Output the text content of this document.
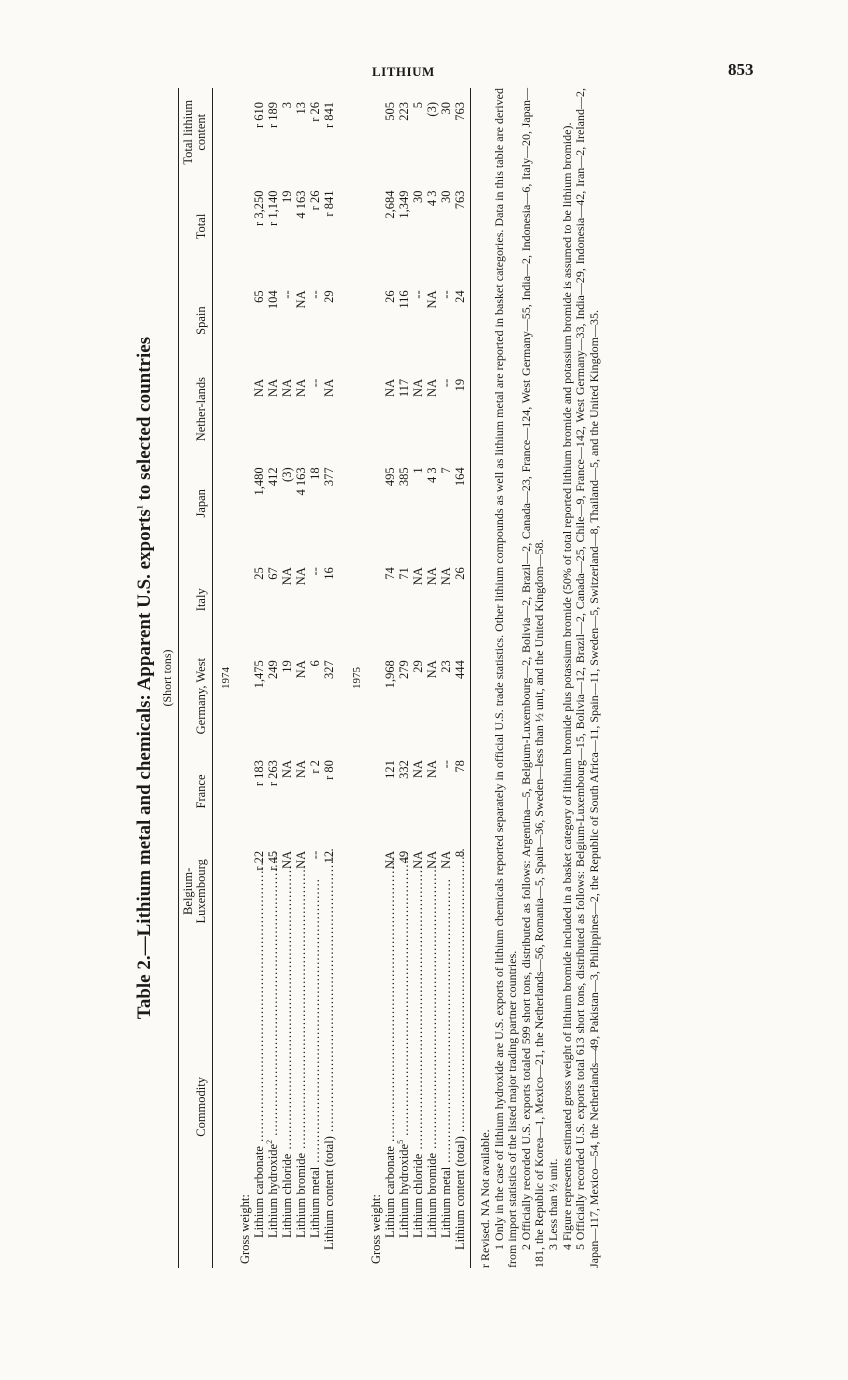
LITHIUM	853
Table 2.—Lithium metal and chemicals: Apparent U.S. exports$^1$ to selected countries
(Short tons)
Commodity	Belgium-Luxembourg	France	Germany, West	Italy	Japan	Nether-lands	Spain	Total	Total lithium content
1974									
Gross weight:									
Lithium carbonate .....	r 22	r 183	1,475	25	1,480	NA	65	r 3,250	r 610
Lithium hydroxide$^2$ .....	r 45	r 263	249	67	412	NA	104	r 1,140	r 189
Lithium chloride .....	NA	NA	19	NA	(3)	NA	--	19	3
Lithium bromide .....	NA	NA	NA	NA	4 163	NA	NA	4 163	13
Lithium metal .....	--	r 2	6	--	18	--	--	r 26	r 26
Lithium content (total) .....	12	r 80	327	16	377	NA	29	r 841	r 841

1975									
Gross weight:									
Lithium carbonate .....	NA	121	1,968	74	495	NA	26	2,684	505
Lithium hydroxide$^5$ .....	49	332	279	71	385	117	116	1,349	223
Lithium chloride .....	NA	NA	29	NA	1	NA	--	30	5
Lithium bromide .....	NA	NA	NA	NA	4 3	NA	NA	4 3	(3)
Lithium metal .....	NA	--	23	NA	7	--	--	30	30
Lithium content (total) .....	8	78	444	26	164	19	24	763	763

r Revised. NA Not available. 1 Only in the case of lithium hydroxide are U.S. exports of lithium chemicals reported separately in official U.S. trade statistics. Other lithium compounds as well as lithium metal are reported in basket categories. Data in this table are derived from import statistics of the listed major trading partner countries. 2 Officially recorded U.S. exports totaled 599 short tons, distributed as follows: Argentina—5, Belgium-Luxembourg—2, Bolivia—2, Brazil—2, Canada—23, France—124, West Germany—55, India—2, Indonesia—6, Italy—20, Japan—181, the Republic of Korea—1, Mexico—21, the Netherlands—56, Romania—5, Spain—36, Sweden—less than ½ unit, and the United Kingdom—58. 3 Less than ½ unit. 4 Figure represents estimated gross weight of lithium bromide included in a basket category of lithium bromide plus potassium bromide (50% of total reported lithium bromide and potassium bromide is assumed to be lithium bromide). 5 Officially recorded U.S. exports total 613 short tons, distributed as follows: Belgium-Luxembourg—15, Bolivia—12, Brazil—2, Canada—25, Chile—9, France—142, West Germany—33, India—29, Indonesia—42, Iran—2, Ireland—2, Japan—117, Mexico—54, the Netherlands—49, Pakistan—3, Philippines—2, the Republic of South Africa—11, Spain—11, Sweden—5, Switzerland—8, Thailand—5, and the United Kingdom—35.
